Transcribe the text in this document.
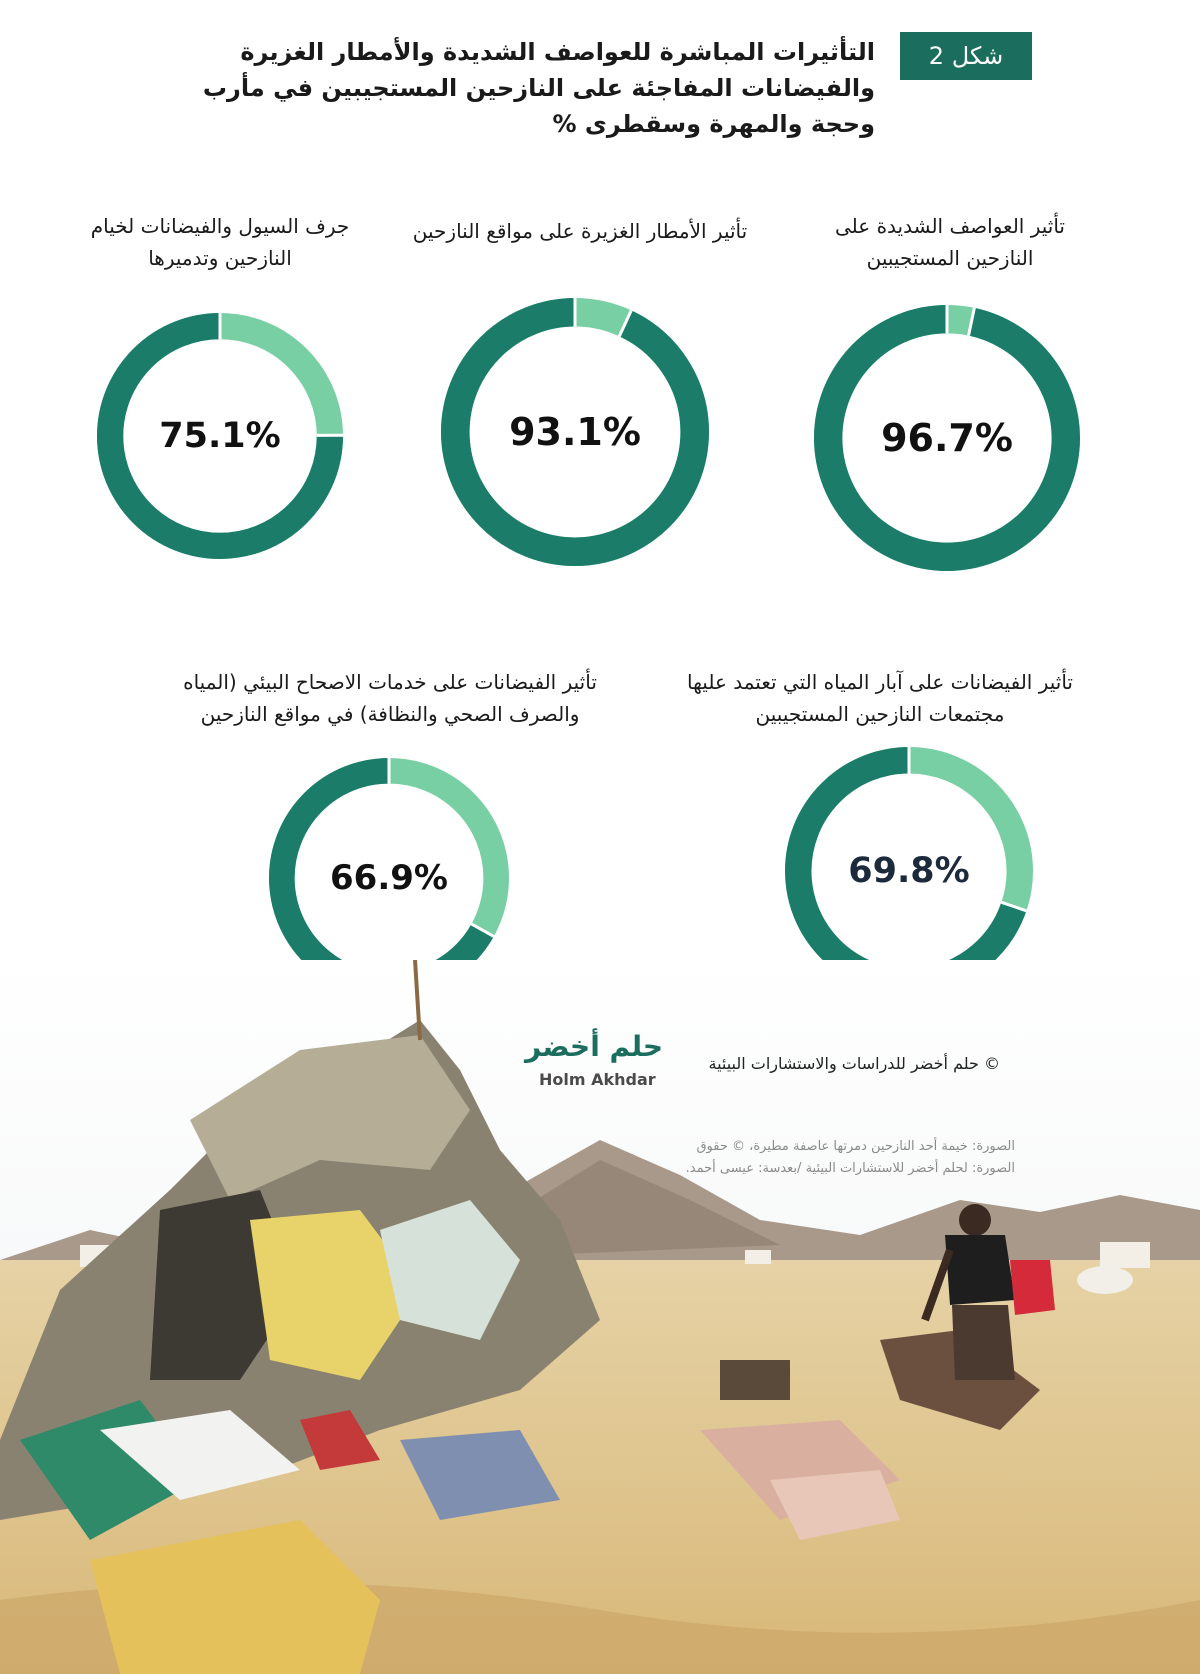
شكل 2
التأثيرات المباشرة للعواصف الشديدة والأمطار الغزيرة والفيضانات المفاجئة على النازحين المستجيبين في مأرب وحجة والمهرة وسقطرى %
تأثير العواصف الشديدة على النازحين المستجيبين
تأثير الأمطار الغزيرة على مواقع النازحين
جرف السيول والفيضانات لخيام النازحين وتدميرها
تأثير الفيضانات على آبار المياه التي تعتمد عليها مجتمعات النازحين المستجيبين
تأثير الفيضانات على خدمات الاصحاح البيئي (المياه والصرف الصحي والنظافة) في مواقع النازحين
96.7%
93.1%
75.1%
69.8%
66.9%
© حلم أخضر للدراسات والاستشارات البيئية
حلم أخضر
Holm Akhdar
الصورة: خيمة أحد النازحين دمرتها عاصفة مطيرة، © حقوق الصورة: لحلم أخضر للاستشارات البيئية /بعدسة: عيسى أحمد.
